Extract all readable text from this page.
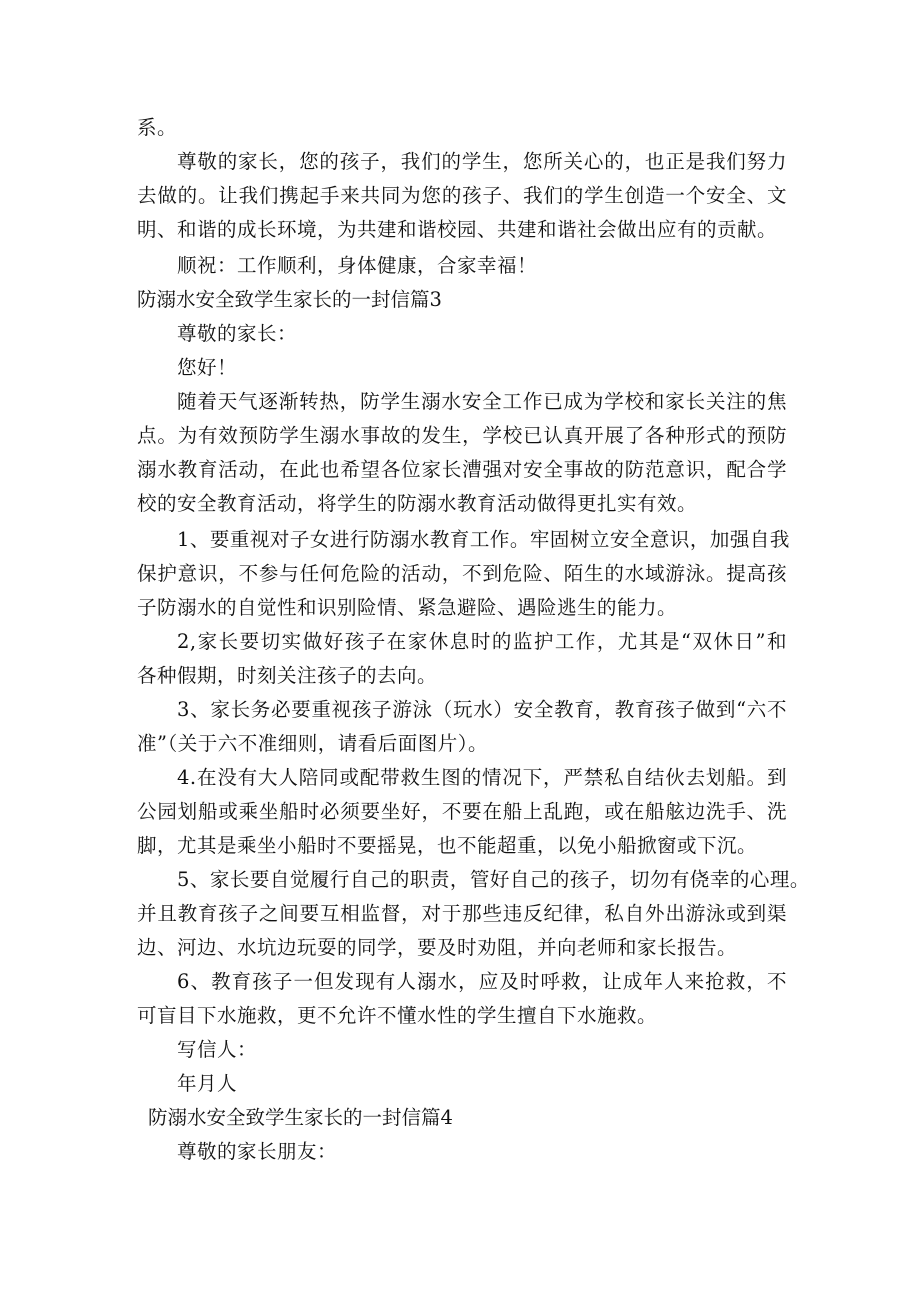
系。
尊敬的家长，您的孩子，我们的学生，您所关心的，也正是我们努力
去做的。让我们携起手来共同为您的孩子、我们的学生创造一个安全、文
明、和谐的成长环境，为共建和谐校园、共建和谐社会做出应有的贡献。
顺祝：工作顺利，身体健康，合家幸福！
防溺水安全致学生家长的一封信篇3
尊敬的家长：
您好！
随着天气逐渐转热，防学生溺水安全工作已成为学校和家长关注的焦
点。为有效预防学生溺水事故的发生，学校已认真开展了各种形式的预防
溺水教育活动，在此也希望各位家长漕强对安全事故的防范意识，配合学
校的安全教育活动，将学生的防溺水教育活动做得更扎实有效。
1、要重视对子女进行防溺水教育工作。牢固树立安全意识，加强自我
保护意识，不参与任何危险的活动，不到危险、陌生的水域游泳。提高孩
子防溺水的自觉性和识别险情、紧急避险、遇险逃生的能力。
2,家长要切实做好孩子在家休息时的监护工作，尤其是“双休日”和
各种假期，时刻关注孩子的去向。
3、家长务必要重视孩子游泳（玩水）安全教育，教育孩子做到“六不
准”（关于六不准细则，请看后面图片）。
4.在没有大人陪同或配带救生图的情况下，严禁私自结伙去划船。到
公园划船或乘坐船时必须要坐好，不要在船上乱跑，或在船舷边洗手、洗
脚，尤其是乘坐小船时不要摇晃，也不能超重，以免小船掀窗或下沉。
5、家长要自觉履行自己的职责，管好自己的孩子，切勿有侥幸的心理。
并且教育孩子之间要互相监督，对于那些违反纪律，私自外出游泳或到渠
边、河边、水坑边玩耍的同学，要及时劝阻，并向老师和家长报告。
6、教育孩子一但发现有人溺水，应及时呼救，让成年人来抢救，不
可盲目下水施救，更不允许不懂水性的学生擅自下水施救。
写信人：
年月人
防溺水安全致学生家长的一封信篇4
尊敬的家长朋友：
